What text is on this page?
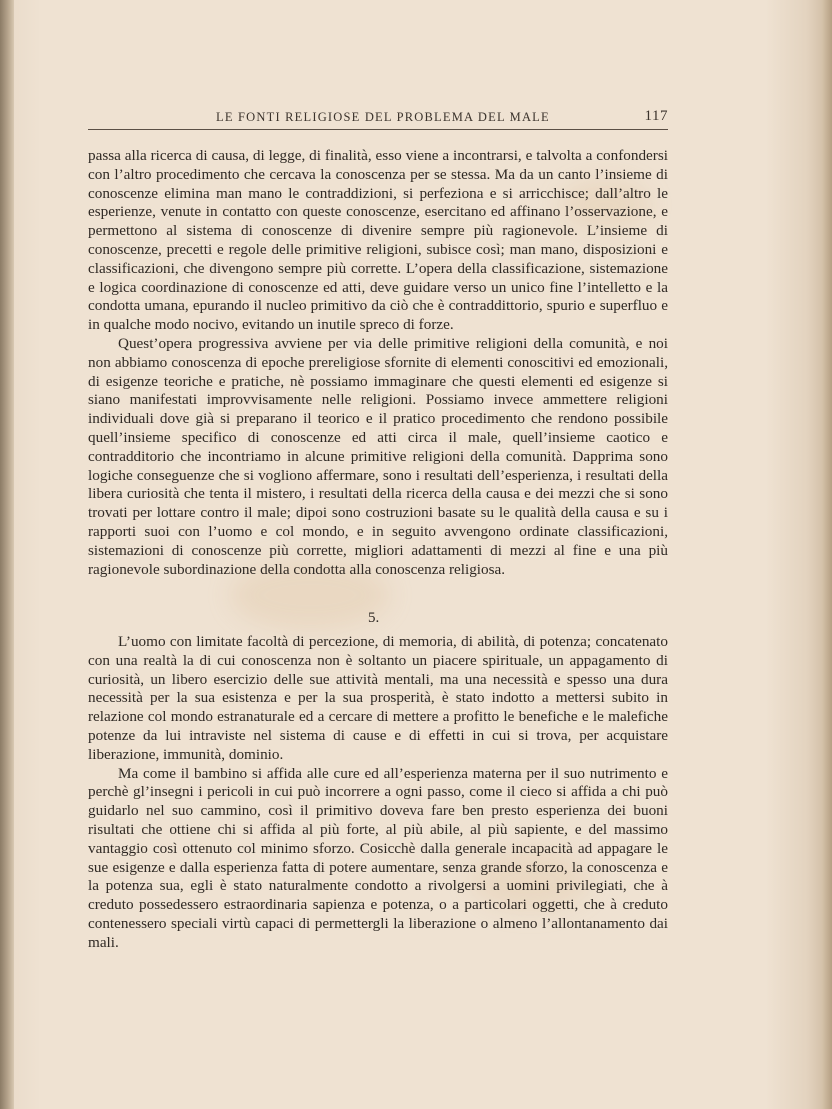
LE FONTI RELIGIOSE DEL PROBLEMA DEL MALE	117

passa alla ricerca di causa, di legge, di finalità, esso viene a incontrarsi, e talvolta a confondersi con l’altro procedimento che cercava la conoscenza per se stessa. Ma da un canto l’insieme di conoscenze elimina man mano le contraddizioni, si perfeziona e si arricchisce; dall’altro le esperienze, venute in contatto con queste conoscenze, esercitano ed affinano l’osservazione, e permettono al sistema di conoscenze di divenire sempre più ragionevole. L’insieme di conoscenze, precetti e regole delle primitive religioni, subisce così; man mano, disposizioni e classificazioni, che divengono sempre più corrette. L’opera della classificazione, sistemazione e logica coordinazione di conoscenze ed atti, deve guidare verso un unico fine l’intelletto e la condotta umana, epurando il nucleo primitivo da ciò che è contraddittorio, spurio e superfluo e in qualche modo nocivo, evitando un inutile spreco di forze.

Quest’opera progressiva avviene per via delle primitive religioni della comunità, e noi non abbiamo conoscenza di epoche prereligiose sfornite di elementi conoscitivi ed emozionali, di esigenze teoriche e pratiche, nè possiamo immaginare che questi elementi ed esigenze si siano manifestati improvvisamente nelle religioni. Possiamo invece ammettere religioni individuali dove già si preparano il teorico e il pratico procedimento che rendono possibile quell’insieme specifico di conoscenze ed atti circa il male, quell’insieme caotico e contradditorio che incontriamo in alcune primitive religioni della comunità. Dapprima sono logiche conseguenze che si vogliono affermare, sono i resultati dell’esperienza, i resultati della libera curiosità che tenta il mistero, i resultati della ricerca della causa e dei mezzi che si sono trovati per lottare contro il male; dipoi sono costruzioni basate su le qualità della causa e su i rapporti suoi con l’uomo e col mondo, e in seguito avvengono ordinate classificazioni, sistemazioni di conoscenze più corrette, migliori adattamenti di mezzi al fine e una più ragionevole subordinazione della condotta alla conoscenza religiosa.

5.

L’uomo con limitate facoltà di percezione, di memoria, di abilità, di potenza; concatenato con una realtà la di cui conoscenza non è soltanto un piacere spirituale, un appagamento di curiosità, un libero esercizio delle sue attività mentali, ma una necessità e spesso una dura necessità per la sua esistenza e per la sua prosperità, è stato indotto a mettersi subito in relazione col mondo estranaturale ed a cercare di mettere a profitto le benefiche e le malefiche potenze da lui intraviste nel sistema di cause e di effetti in cui si trova, per acquistare liberazione, immunità, dominio.

Ma come il bambino si affida alle cure ed all’esperienza materna per il suo nutrimento e perchè gl’insegni i pericoli in cui può incorrere a ogni passo, come il cieco si affida a chi può guidarlo nel suo cammino, così il primitivo doveva fare ben presto esperienza dei buoni risultati che ottiene chi si affida al più forte, al più abile, al più sapiente, e del massimo vantaggio così ottenuto col minimo sforzo. Cosicchè dalla generale incapacità ad appagare le sue esigenze e dalla esperienza fatta di potere aumentare, senza grande sforzo, la conoscenza e la potenza sua, egli è stato naturalmente condotto a rivolgersi a uomini privilegiati, che à creduto possedessero estraordinaria sapienza e potenza, o a particolari oggetti, che à creduto contenessero speciali virtù capaci di permettergli la liberazione o almeno l’allontanamento dai mali.
